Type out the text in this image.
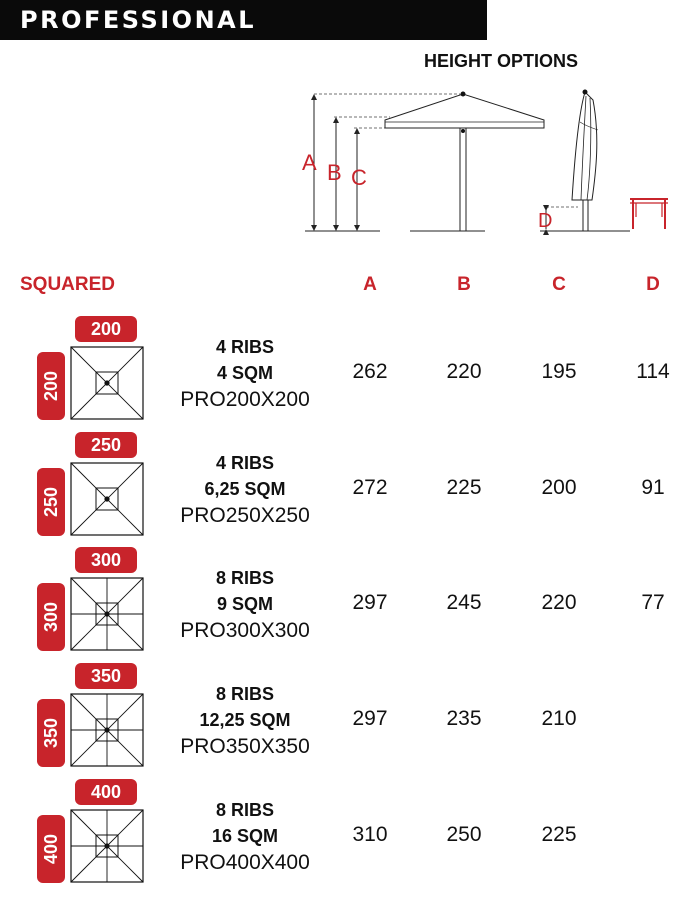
PROFESSIONAL
HEIGHT OPTIONS
A B C
D
SQUARED	A	B	C	D
200
200
4 RIBS
4 SQM
PRO200X200
262	220	195	114
250
250
4 RIBS
6,25 SQM
PRO250X250
272	225	200	91
300
300
8 RIBS
9 SQM
PRO300X300
297	245	220	77
350
350
8 RIBS
12,25 SQM
PRO350X350
297	235	210
400
400
8 RIBS
16 SQM
PRO400X400
310	250	225
